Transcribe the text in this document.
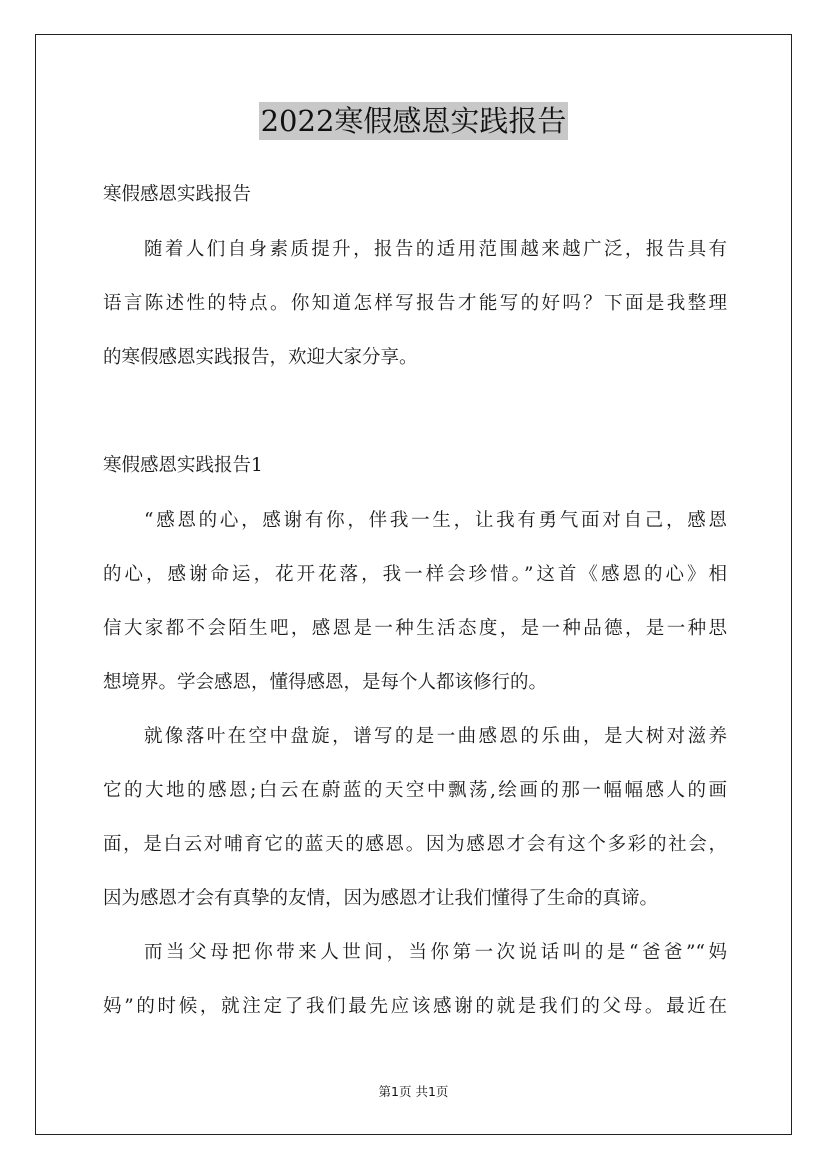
2022寒假感恩实践报告
寒假感恩实践报告
随着人们自身素质提升，报告的适用范围越来越广泛，报告具有
语言陈述性的特点。你知道怎样写报告才能写的好吗？下面是我整理
的寒假感恩实践报告，欢迎大家分享。
寒假感恩实践报告1
“感恩的心，感谢有你，伴我一生，让我有勇气面对自己，感恩
的心，感谢命运，花开花落，我一样会珍惜。”这首《感恩的心》相
信大家都不会陌生吧，感恩是一种生活态度，是一种品德，是一种思
想境界。学会感恩，懂得感恩，是每个人都该修行的。
就像落叶在空中盘旋，谱写的是一曲感恩的乐曲，是大树对滋养
它的大地的感恩;白云在蔚蓝的天空中飘荡,绘画的那一幅幅感人的画
面，是白云对哺育它的蓝天的感恩。因为感恩才会有这个多彩的社会，
因为感恩才会有真挚的友情，因为感恩才让我们懂得了生命的真谛。
而当父母把你带来人世间，当你第一次说话叫的是“爸爸”“妈
妈”的时候，就注定了我们最先应该感谢的就是我们的父母。最近在
第1页 共1页
